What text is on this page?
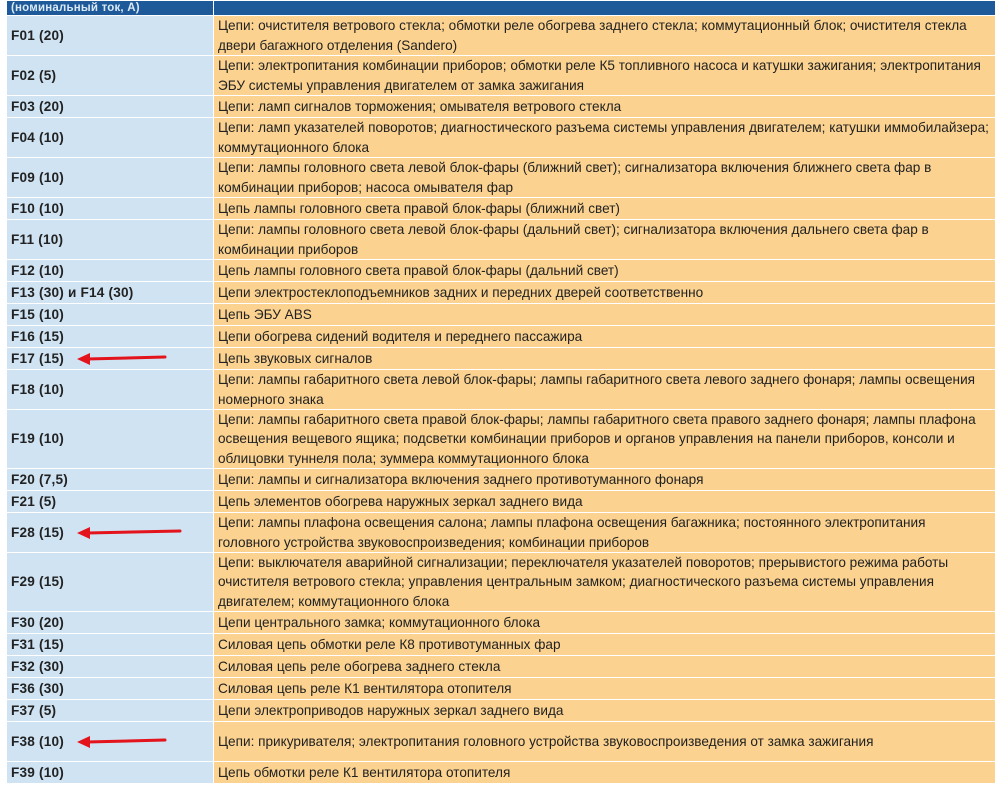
(номинальный ток, А)	
F01 (20)	Цепи: очистителя ветрового стекла; обмотки реле обогрева заднего стекла; коммутационный блок; очистителя стекла двери багажного отделения (Sandero)
F02 (5)	Цепи: электропитания комбинации приборов; обмотки реле К5 топливного насоса и катушки зажигания; электропитания ЭБУ системы управления двигателем от замка зажигания
F03 (20)	Цепи: ламп сигналов торможения; омывателя ветрового стекла
F04 (10)	Цепи: ламп указателей поворотов; диагностического разъема системы управления двигателем; катушки иммобилайзера; коммутационного блока
F09 (10)	Цепи: лампы головного света левой блок-фары (ближний свет); сигнализатора включения ближнего света фар в комбинации приборов; насоса омывателя фар
F10 (10)	Цепь лампы головного света правой блок-фары (ближний свет)
F11 (10)	Цепи: лампы головного света левой блок-фары (дальний свет); сигнализатора включения дальнего света фар в комбинации приборов
F12 (10)	Цепь лампы головного света правой блок-фары (дальний свет)
F13 (30) и F14 (30)	Цепи электростеклоподъемников задних и передних дверей соответственно
F15 (10)	Цепь ЭБУ ABS
F16 (15)	Цепи обогрева сидений водителя и переднего пассажира
F17 (15)	Цепь звуковых сигналов
F18 (10)	Цепи: лампы габаритного света левой блок-фары; лампы габаритного света левого заднего фонаря; лампы освещения номерного знака
F19 (10)	Цепи: лампы габаритного света правой блок-фары; лампы габаритного света правого заднего фонаря; лампы плафона освещения вещевого ящика; подсветки комбинации приборов и органов управления на панели приборов, консоли и облицовки туннеля пола; зуммера коммутационного блока
F20 (7,5)	Цепи: лампы и сигнализатора включения заднего противотуманного фонаря
F21 (5)	Цепь элементов обогрева наружных зеркал заднего вида
F28 (15)	Цепи: лампы плафона освещения салона; лампы плафона освещения багажника; постоянного электропитания головного устройства звуковоспроизведения; комбинации приборов
F29 (15)	Цепи: выключателя аварийной сигнализации; переключателя указателей поворотов; прерывистого режима работы очистителя ветрового стекла; управления центральным замком; диагностического разъема системы управления двигателем; коммутационного блока
F30 (20)	Цепи центрального замка; коммутационного блока
F31 (15)	Силовая цепь обмотки реле К8 противотуманных фар
F32 (30)	Силовая цепь реле обогрева заднего стекла
F36 (30)	Силовая цепь реле К1 вентилятора отопителя
F37 (5)	Цепи электроприводов наружных зеркал заднего вида
F38 (10)	Цепи: прикуривателя; электропитания головного устройства звуковоспроизведения от замка зажигания
F39 (10)	Цепь обмотки реле К1 вентилятора отопителя
